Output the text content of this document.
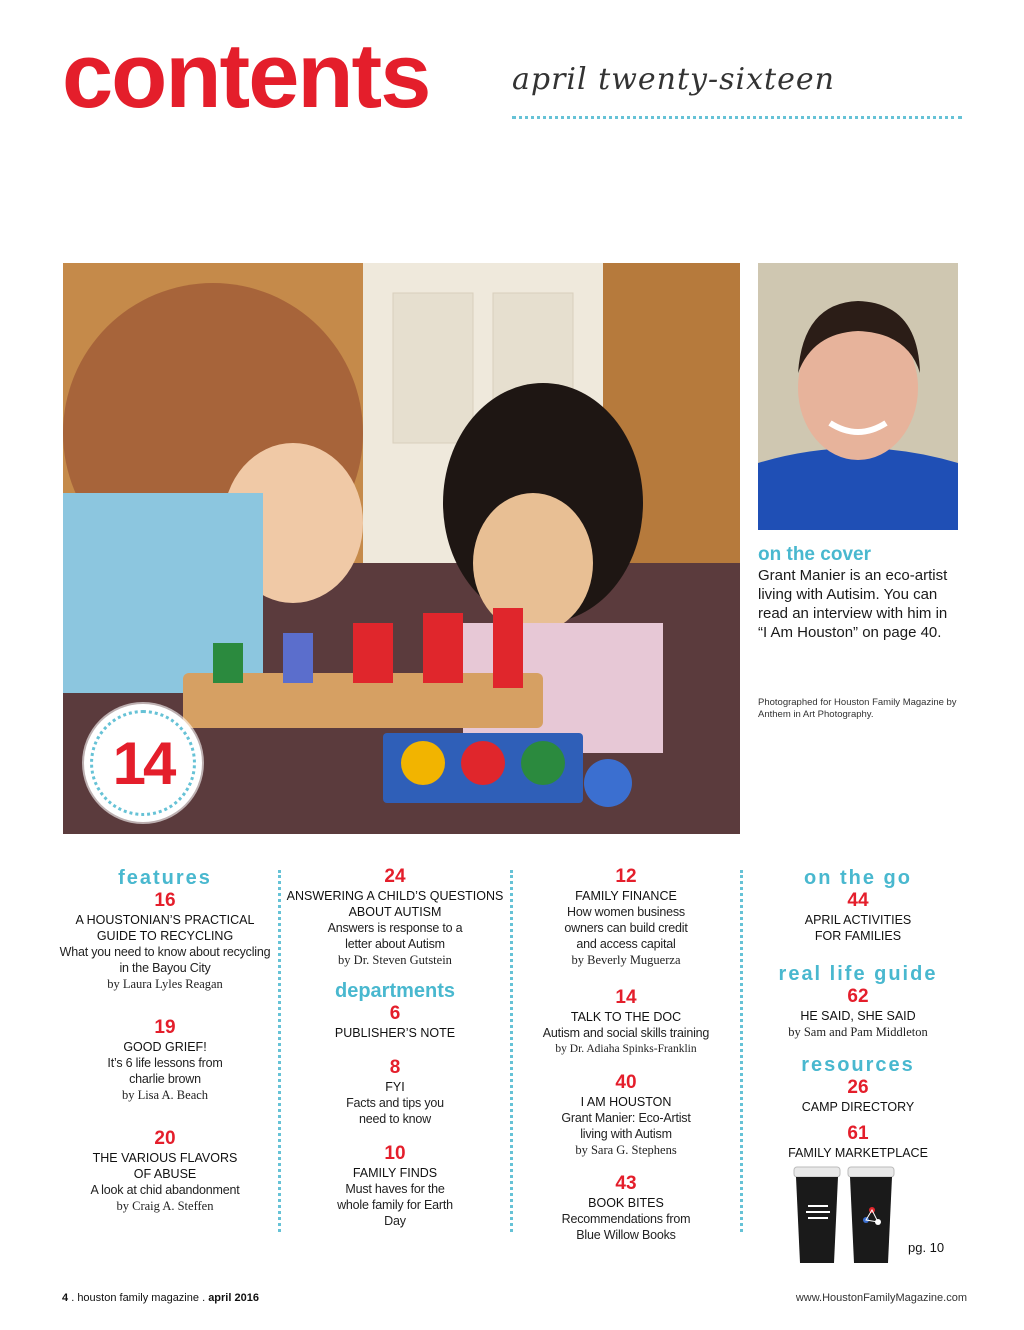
contents	april twenty-sixteen
14
on the cover
Grant Manier is an eco-artist living with Autisim. You can read an interview with him in “I Am Houston” on page 40.
Photographed for Houston Family Magazine by Anthem in Art Photography.
features
16
A HOUSTONIAN’S PRACTICAL GUIDE TO RECYCLING
What you need to know about recycling in the Bayou City
by Laura Lyles Reagan
19
GOOD GRIEF!
It’s 6 life lessons from charlie brown
by Lisa A. Beach
20
THE VARIOUS FLAVORS OF ABUSE
A look at chid abandonment
by Craig A. Steffen
24
ANSWERING A CHILD’S QUESTIONS ABOUT AUTISM
Answers is response to a letter about Autism
by Dr. Steven Gutstein
departments
6
PUBLISHER’S NOTE
8
FYI
Facts and tips you need to know
10
FAMILY FINDS
Must haves for the whole family for Earth Day
12
FAMILY FINANCE
How women business owners can build credit and access capital
by Beverly Muguerza
14
TALK TO THE DOC
Autism and social skills training
by Dr. Adiaha Spinks-Franklin
40
I AM HOUSTON
Grant Manier: Eco-Artist living with Autism
by Sara G. Stephens
43
BOOK BITES
Recommendations from Blue Willow Books
on the go
44
APRIL ACTIVITIES FOR FAMILIES
real life guide
62
HE SAID, SHE SAID
by Sam and Pam Middleton
resources
26
CAMP DIRECTORY
61
FAMILY MARKETPLACE
pg. 10
4 . houston family magazine . april 2016	www.HoustonFamilyMagazine.com
